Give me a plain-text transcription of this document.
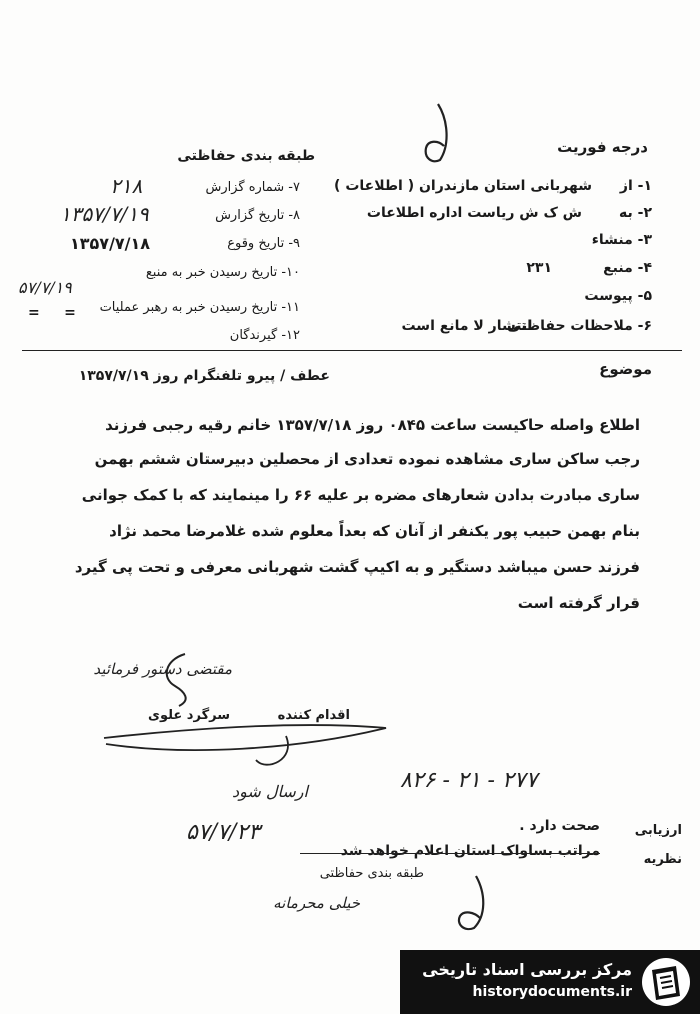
درجه فوریت
طبقه بندی حفاظتی
۱- از
شهربانی استان مازندران ( اطلاعات )
۲- به
ش ک ش ریاست اداره اطلاعات
۳- منشاء
۴- منبع
۲۳۱
۵- پیوست
۶- ملاحظات حفاظتی
انتشار لا مانع است
۷- شماره گزارش
۲۱۸
۸- تاریخ گزارش
۱۳۵۷/۷/۱۹
۹- تاریخ وقوع
۱۳۵۷/۷/۱۸
۱۰- تاریخ رسیدن خبر به منبع
۵۷/۷/۱۹
۱۱- تاریخ رسیدن خبر به رهبر عملیات
=     =
۱۲- گیرندگان
موضوع
عطف / پیرو تلفنگرام روز ۱۳۵۷/۷/۱۹
اطلاع واصله حاکیست ساعت ۰۸۴۵ روز ۱۳۵۷/۷/۱۸ خانم رقیه رجبی فرزند
رجب ساکن ساری مشاهده نموده تعدادی از محصلین دبیرستان ششم بهمن
ساری مبادرت بدادن شعارهای مضره بر علیه ۶۶ را مینمایند که با کمک جوانی
بنام بهمن حبیب پور یکنفر از آنان که بعداً معلوم شده غلامرضا محمد نژاد
فرزند حسن میباشد دستگیر و به اکیپ گشت شهربانی معرفی و تحت پی گیرد
قرار گرفته است
مقتضی دستور فرمائید
اقدام کننده
سرگرد علوی
ارسال شود	۲۷۷ - ۲۱ - ۸۲۶
ارزیابی
صحت دارد .
۵۷/۷/۲۳
نظریه
مراتب بساواک استان اعلام خواهد شد
طبقه بندی حفاظتی
خیلی محرمانه
مرکز بررسی اسناد تاریخی
historydocuments.ir
